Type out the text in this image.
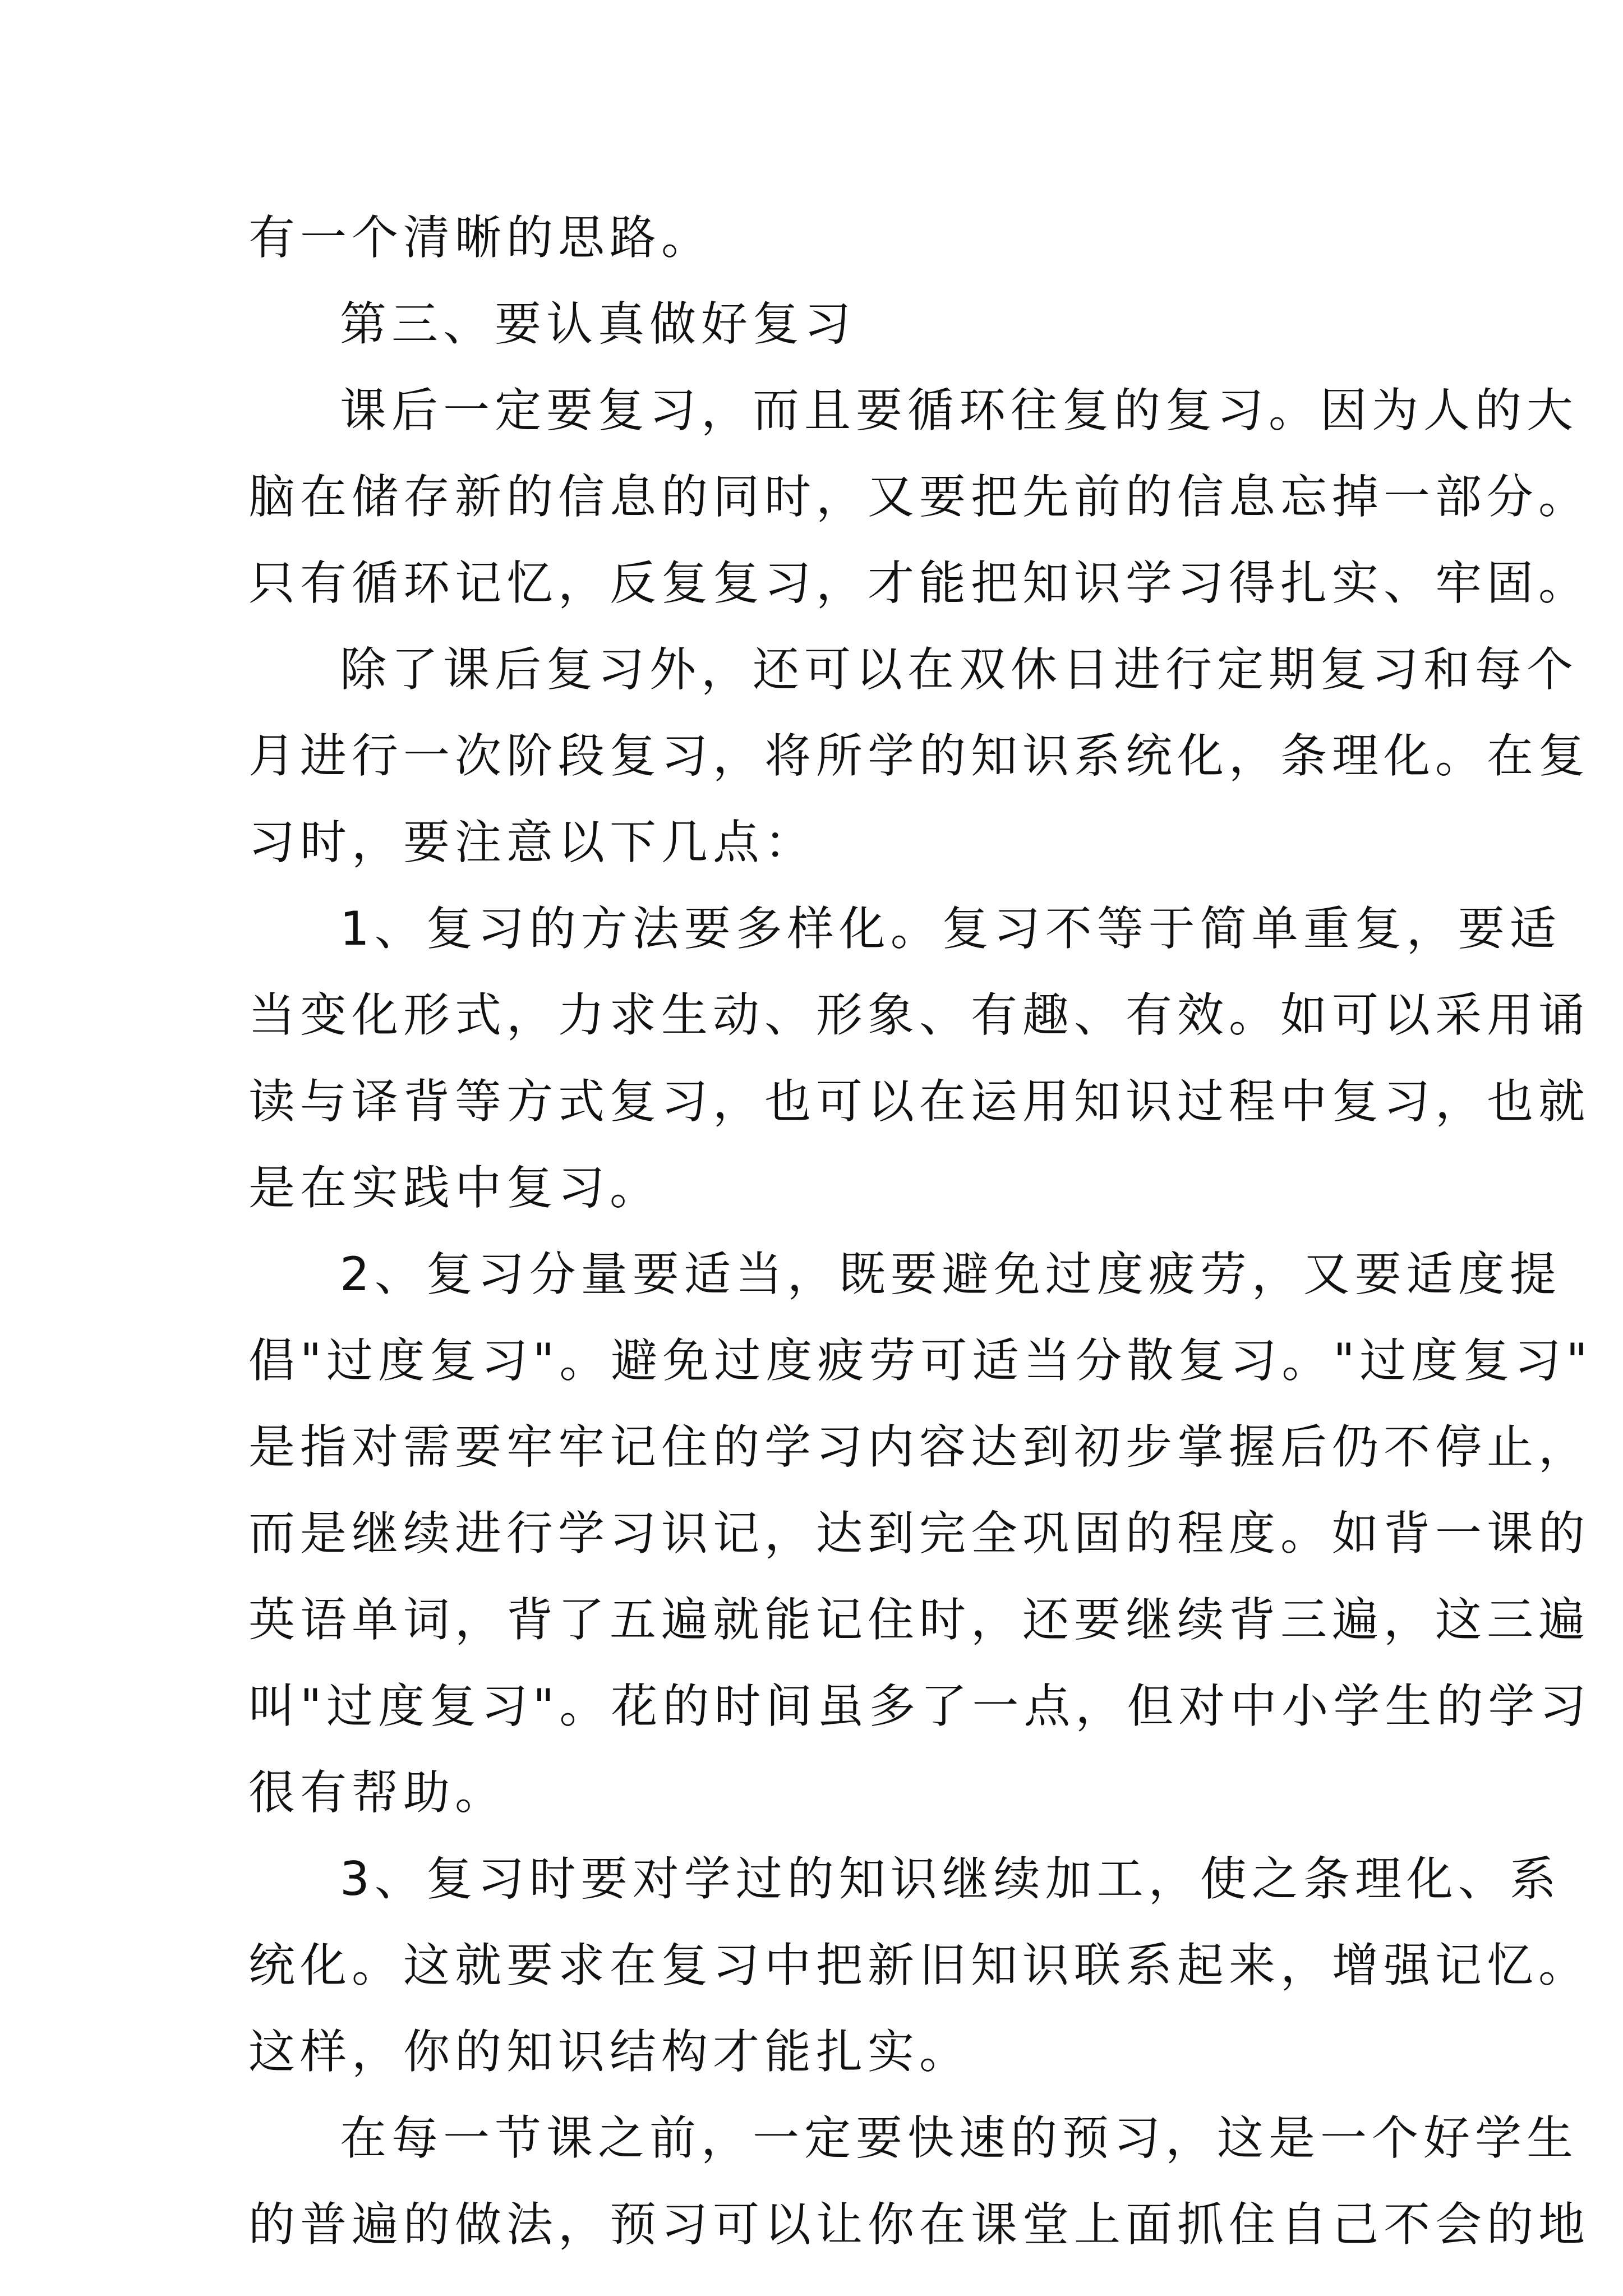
有一个清晰的思路。
第三、要认真做好复习
课后一定要复习，而且要循环往复的复习。因为人的大
脑在储存新的信息的同时，又要把先前的信息忘掉一部分。
只有循环记忆，反复复习，才能把知识学习得扎实、牢固。
除了课后复习外，还可以在双休日进行定期复习和每个
月进行一次阶段复习，将所学的知识系统化，条理化。在复
习时，要注意以下几点：
1、复习的方法要多样化。复习不等于简单重复，要适
当变化形式，力求生动、形象、有趣、有效。如可以采用诵
读与译背等方式复习，也可以在运用知识过程中复习，也就
是在实践中复习。
2、复习分量要适当，既要避免过度疲劳，又要适度提
倡"过度复习"。避免过度疲劳可适当分散复习。"过度复习"
是指对需要牢牢记住的学习内容达到初步掌握后仍不停止，
而是继续进行学习识记，达到完全巩固的程度。如背一课的
英语单词，背了五遍就能记住时，还要继续背三遍，这三遍
叫"过度复习"。花的时间虽多了一点，但对中小学生的学习
很有帮助。
3、复习时要对学过的知识继续加工，使之条理化、系
统化。这就要求在复习中把新旧知识联系起来，增强记忆。
这样，你的知识结构才能扎实。
在每一节课之前，一定要快速的预习，这是一个好学生
的普遍的做法，预习可以让你在课堂上面抓住自己不会的地
